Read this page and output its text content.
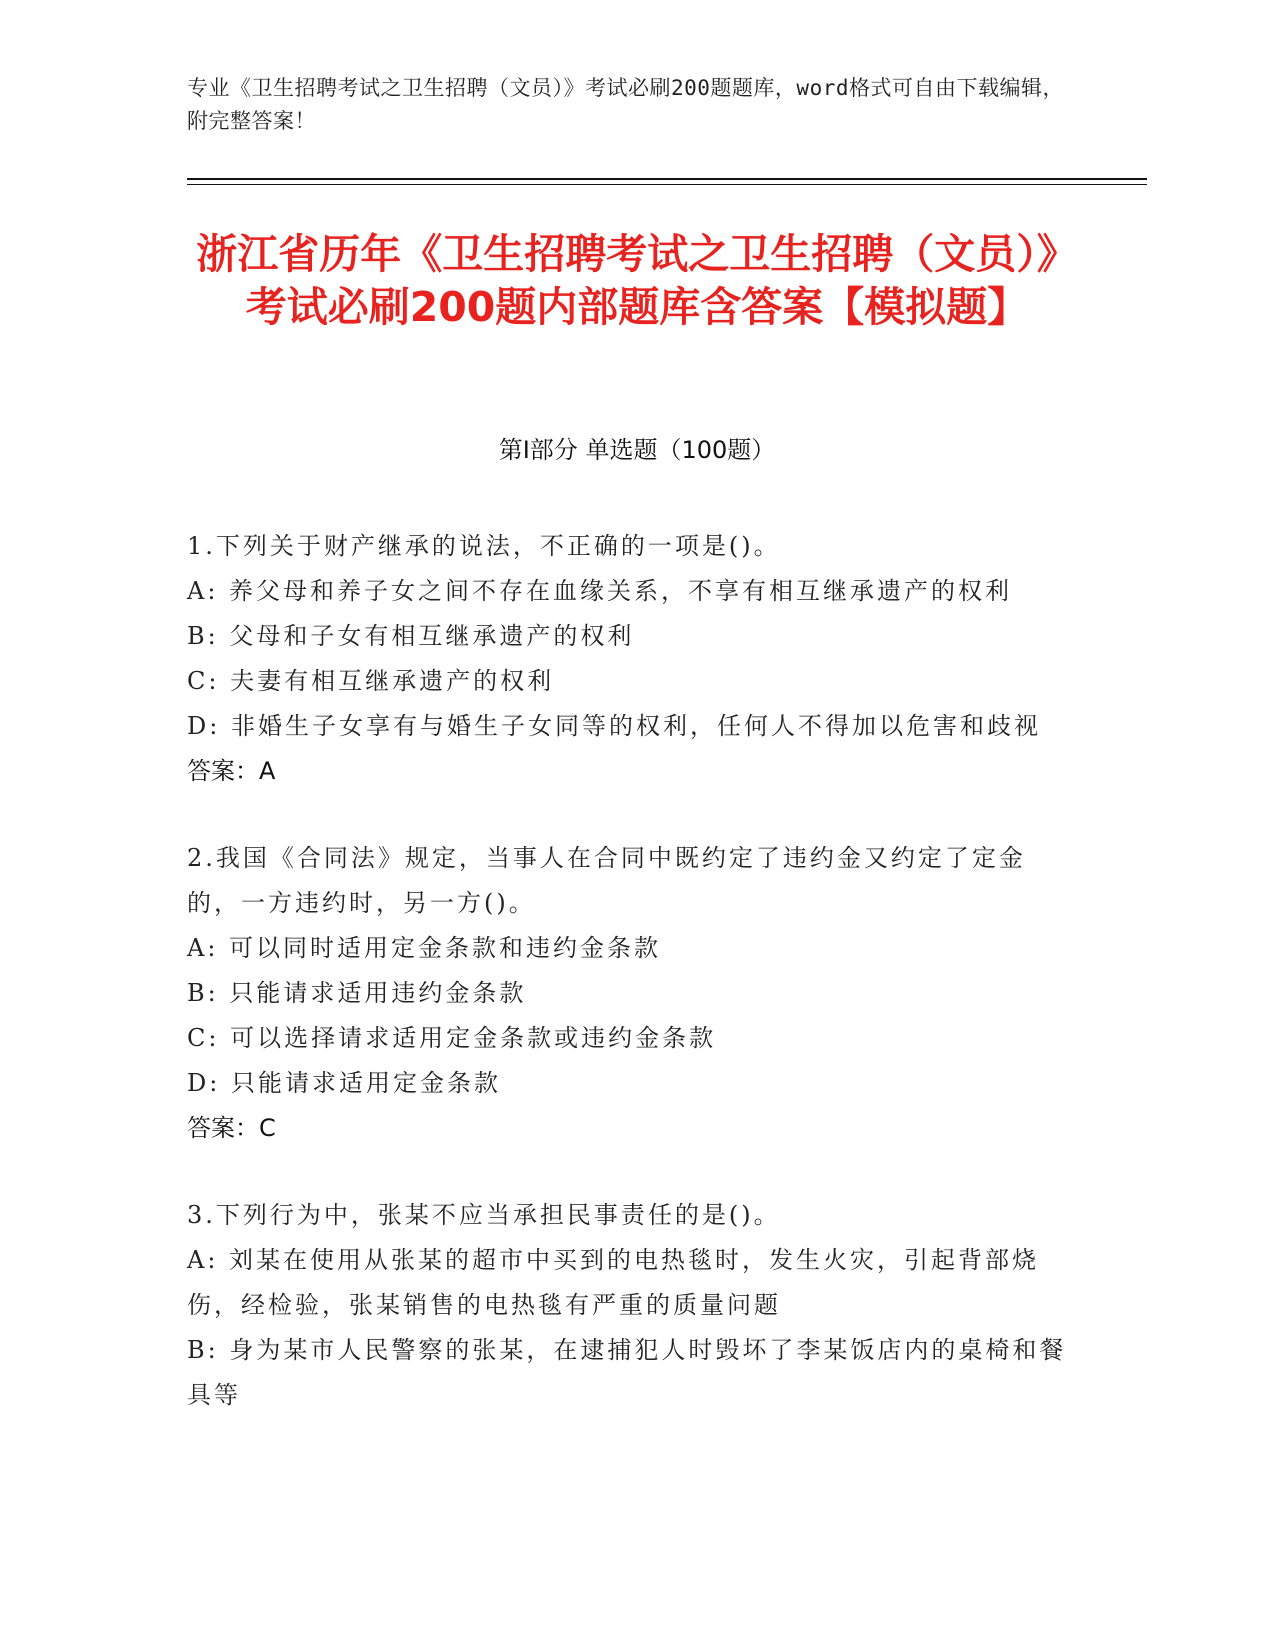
专业《卫生招聘考试之卫生招聘（文员）》考试必刷200题题库，word格式可自由下载编辑，附完整答案！
浙江省历年《卫生招聘考试之卫生招聘（文员）》考试必刷200题内部题库含答案【模拟题】
第I部分 单选题（100题）

1.下列关于财产继承的说法，不正确的一项是()。

A: 养父母和养子女之间不存在血缘关系，不享有相互继承遗产的权利

B: 父母和子女有相互继承遗产的权利

C: 夫妻有相互继承遗产的权利

D: 非婚生子女享有与婚生子女同等的权利，任何人不得加以危害和歧视

答案：A

2.我国《合同法》规定，当事人在合同中既约定了违约金又约定了定金的，一方违约时，另一方()。

A: 可以同时适用定金条款和违约金条款

B: 只能请求适用违约金条款

C: 可以选择请求适用定金条款或违约金条款

D: 只能请求适用定金条款

答案：C

3.下列行为中，张某不应当承担民事责任的是()。

A: 刘某在使用从张某的超市中买到的电热毯时，发生火灾，引起背部烧伤，经检验，张某销售的电热毯有严重的质量问题

B: 身为某市人民警察的张某，在逮捕犯人时毁坏了李某饭店内的桌椅和餐具等
